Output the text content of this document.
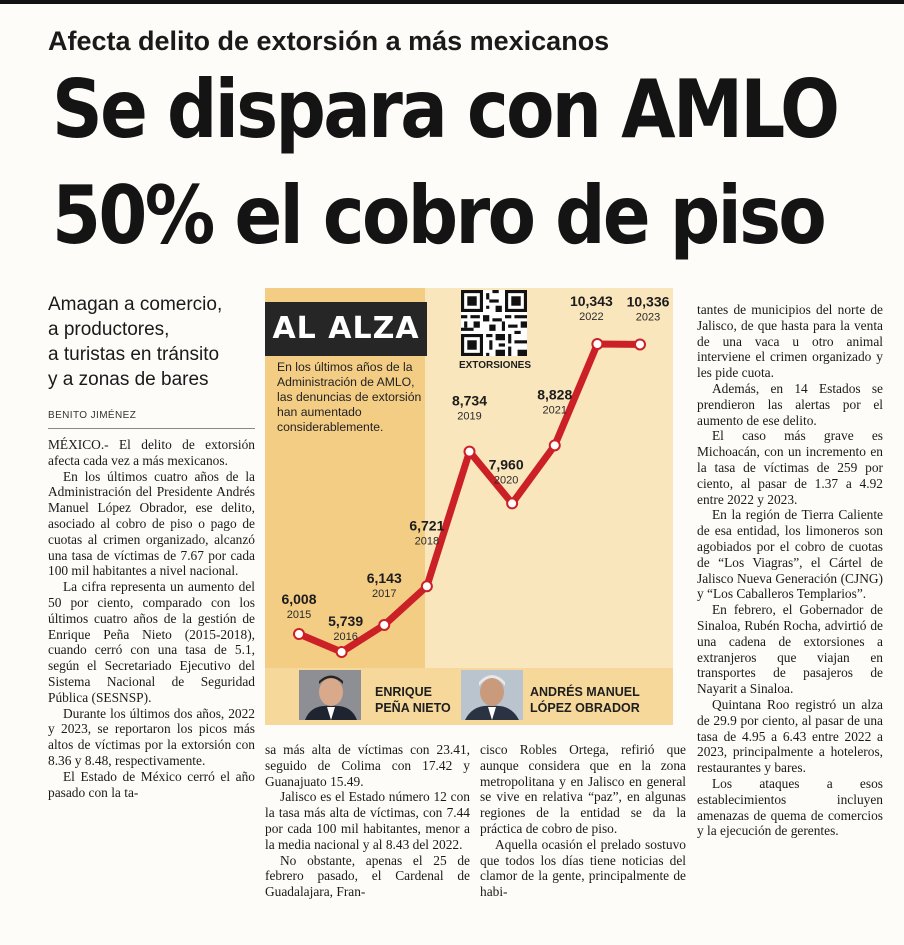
Afecta delito de extorsión a más mexicanos
Se dispara con AMLO
50% el cobro de piso
Amagan a comercio,
a productores,
a turistas en tránsito
y a zonas de bares
BENITO JIMÉNEZ

MÉXICO.- El delito de extorsión afecta cada vez a más mexicanos.

En los últimos cuatro años de la Administración del Presidente Andrés Manuel López Obrador, ese delito, asociado al cobro de piso o pago de cuotas al crimen organizado, alcanzó una tasa de víctimas de 7.67 por cada 100 mil habitantes a nivel nacional.

La cifra representa un aumento del 50 por ciento, comparado con los últimos cuatro años de la gestión de Enrique Peña Nieto (2015-2018), cuando cerró con una tasa de 5.1, según el Secretariado Ejecutivo del Sistema Nacional de Seguridad Pública (SESNSP).

Durante los últimos dos años, 2022 y 2023, se reportaron los picos más altos de víctimas por la extorsión con 8.36 y 8.48, respectivamente.

El Estado de México cerró el año pasado con la ta-

6,008
2015 5,739
2016
6,143
2017
6,721
2018
8,734
2019
7,960
2020
8,828
2021
10,343
2022
10,336
2023
AL ALZA
En los últimos años de la Administración de AMLO, las denuncias de extorsión han aumentado considerablemente.
EXTORSIONES
ENRIQUE
PEÑA NIETO
ANDRÉS MANUEL
LÓPEZ OBRADOR

sa más alta de víctimas con 23.41, seguido de Colima con 17.42 y Guanajuato 15.49.

Jalisco es el Estado número 12 con la tasa más alta de víctimas, con 7.44 por cada 100 mil habitantes, menor a la media nacional y al 8.43 del 2022.

No obstante, apenas el 25 de febrero pasado, el Cardenal de Guadalajara, Fran-

cisco Robles Ortega, refirió que aunque considera que en la zona metropolitana y en Jalisco en general se vive en relativa “paz”, en algunas regiones de la entidad se da la práctica de cobro de piso.

Aquella ocasión el prelado sostuvo que todos los días tiene noticias del clamor de la gente, principalmente de habi-

tantes de municipios del norte de Jalisco, de que hasta para la venta de una vaca u otro animal interviene el crimen organizado y les pide cuota.

Además, en 14 Estados se prendieron las alertas por el aumento de ese delito.

El caso más grave es Michoacán, con un incremento en la tasa de víctimas de 259 por ciento, al pasar de 1.37 a 4.92 entre 2022 y 2023.

En la región de Tierra Caliente de esa entidad, los limoneros son agobiados por el cobro de cuotas de “Los Viagras”, el Cártel de Jalisco Nueva Generación (CJNG) y “Los Caballeros Templarios”.

En febrero, el Gobernador de Sinaloa, Rubén Rocha, advirtió de una cadena de extorsiones a extranjeros que viajan en transportes de pasajeros de Nayarit a Sinaloa.

Quintana Roo registró un alza de 29.9 por ciento, al pasar de una tasa de 4.95 a 6.43 entre 2022 a 2023, principalmente a hoteleros, restaurantes y bares.

Los ataques a esos establecimientos incluyen amenazas de quema de comercios y la ejecución de gerentes.
